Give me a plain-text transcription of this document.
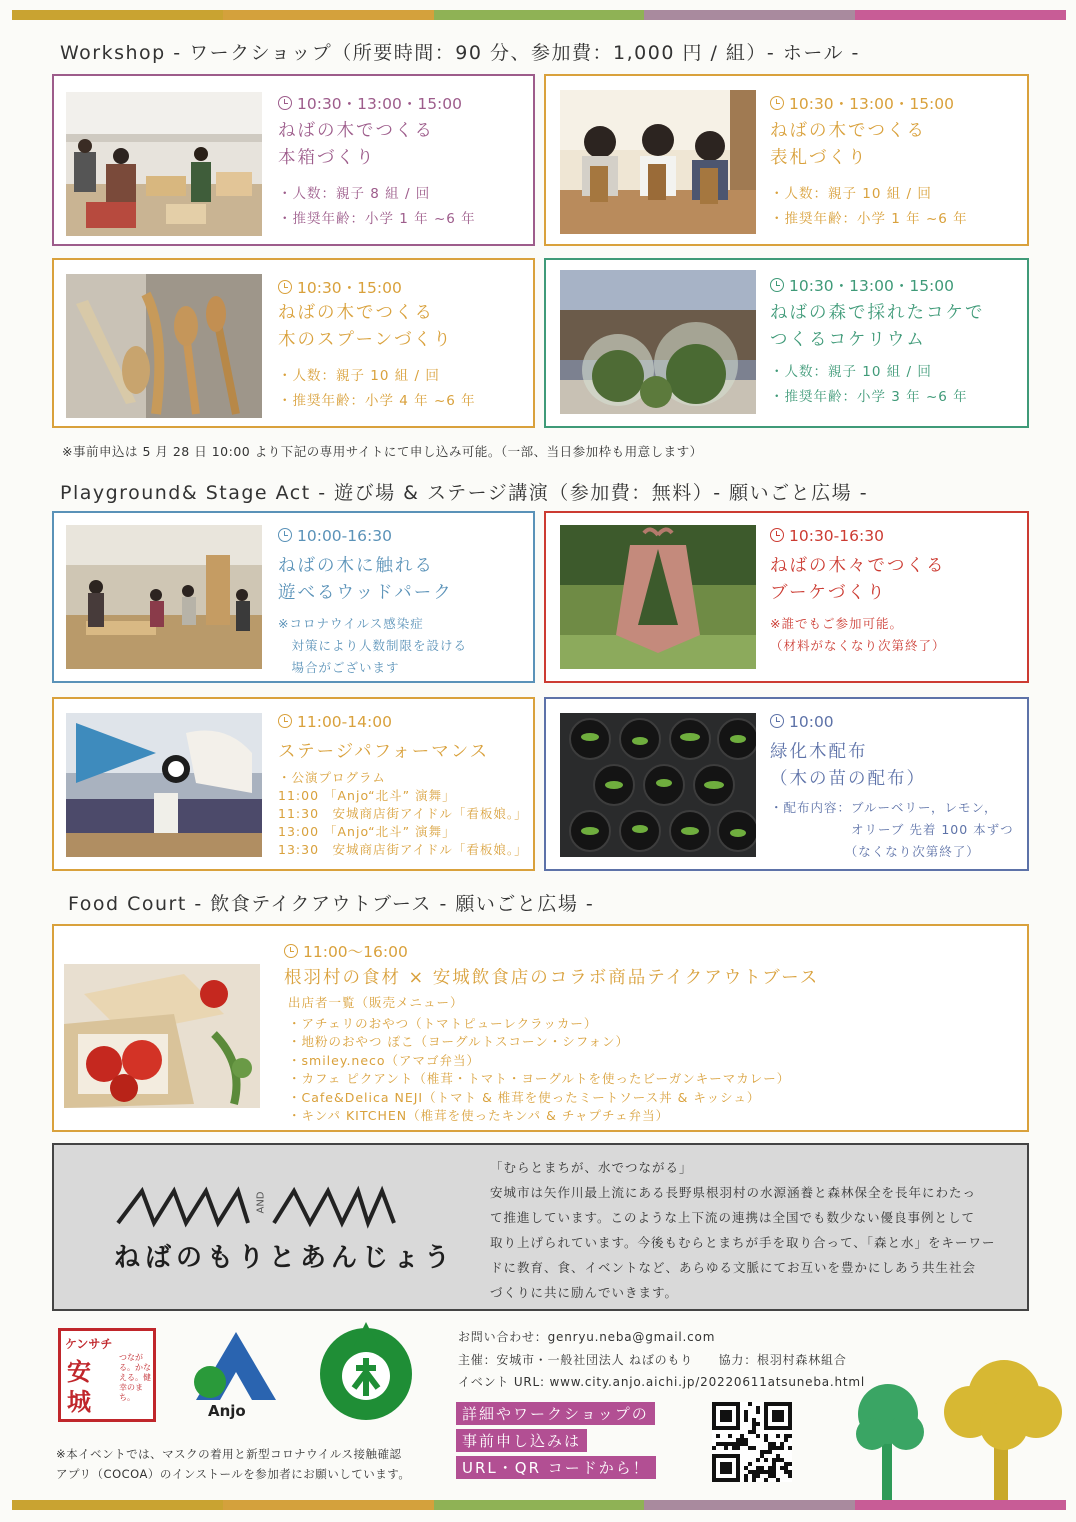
Workshop - ワークショップ（所要時間：90 分、参加費：1,000 円 / 組）- ホール -
10:30・13:00・15:00
ねばの木でつくる
本箱づくり
・人数：親子 8 組 / 回
・推奨年齢：小学 1 年 ~6 年
10:30・13:00・15:00
ねばの木でつくる
表札づくり
・人数：親子 10 組 / 回
・推奨年齢：小学 1 年 ~6 年
10:30・15:00
ねばの木でつくる
木のスプーンづくり
・人数：親子 10 組 / 回
・推奨年齢：小学 4 年 ~6 年
10:30・13:00・15:00
ねばの森で採れたコケで
つくるコケリウム
・人数：親子 10 組 / 回
・推奨年齢：小学 3 年 ~6 年
※事前申込は 5 月 28 日 10:00 より下記の専用サイトにて申し込み可能。（一部、当日参加枠も用意します）
Playground& Stage Act - 遊び場 & ステージ講演（参加費：無料）- 願いごと広場 -
10:00-16:30
ねばの木に触れる
遊べるウッドパーク
※コロナウイルス感染症
　対策により人数制限を設ける
　場合がございます
10:30-16:30
ねばの木々でつくる
ブーケづくり
※誰でもご参加可能。
（材料がなくなり次第終了）
11:00-14:00
ステージパフォーマンス
・公演プログラム
11:00 「Anjo“北斗” 演舞」
11:30　安城商店街アイドル「看板娘。」
13:00 「Anjo“北斗” 演舞」
13:30　安城商店街アイドル「看板娘。」
10:00
緑化木配布
（木の苗の配布）
・配布内容：ブルーベリー，レモン，
　　　　　　オリーブ 先着 100 本ずつ
　　　　　　（なくなり次第終了）
Food Court - 飲食テイクアウトブース - 願いごと広場 -
11:00～16:00
根羽村の食材 × 安城飲食店のコラボ商品テイクアウトブース
出店者一覧（販売メニュー）
・アチェリのおやつ（トマトピューレクラッカー）
・地粉のおやつ ぽこ（ヨーグルトスコーン・シフォン）
・smiley.neco（アマゴ弁当）
・カフェ ピクアント（椎茸・トマト・ヨーグルトを使ったビーガンキーマカレー）
・Cafe&Delica NEJI（トマト & 椎茸を使ったミートソース丼 & キッシュ）
・キンパ KITCHEN（椎茸を使ったキンパ & チャプチェ弁当）
AND
ねばのもりとあんじょう
「むらとまちが、水でつながる」
安城市は矢作川最上流にある長野県根羽村の水源涵養と森林保全を長年にわたっ
て推進しています。このような上下流の連携は全国でも数少ない優良事例として
取り上げられています。今後もむらとまちが手を取り合って、「森と水」をキーワー
ドに教育、食、イベントなど、あらゆる文脈にてお互いを豊かにしあう共生社会
づくりに共に励んでいきます。
ケンサチ
安城
つながる。かなえる。健幸のまち。
Anjo
お問い合わせ：genryu.neba@gmail.com
主催：安城市・一般社団法人 ねばのもり　　協力：根羽村森林組合
イベント URL: www.city.anjo.aichi.jp/20220611atsuneba.html
詳細やワークショップの
事前申し込みは
URL・QR コードから！
※本イベントでは、マスクの着用と新型コロナウイルス接触確認
アプリ（COCOA）のインストールを参加者にお願いしています。
